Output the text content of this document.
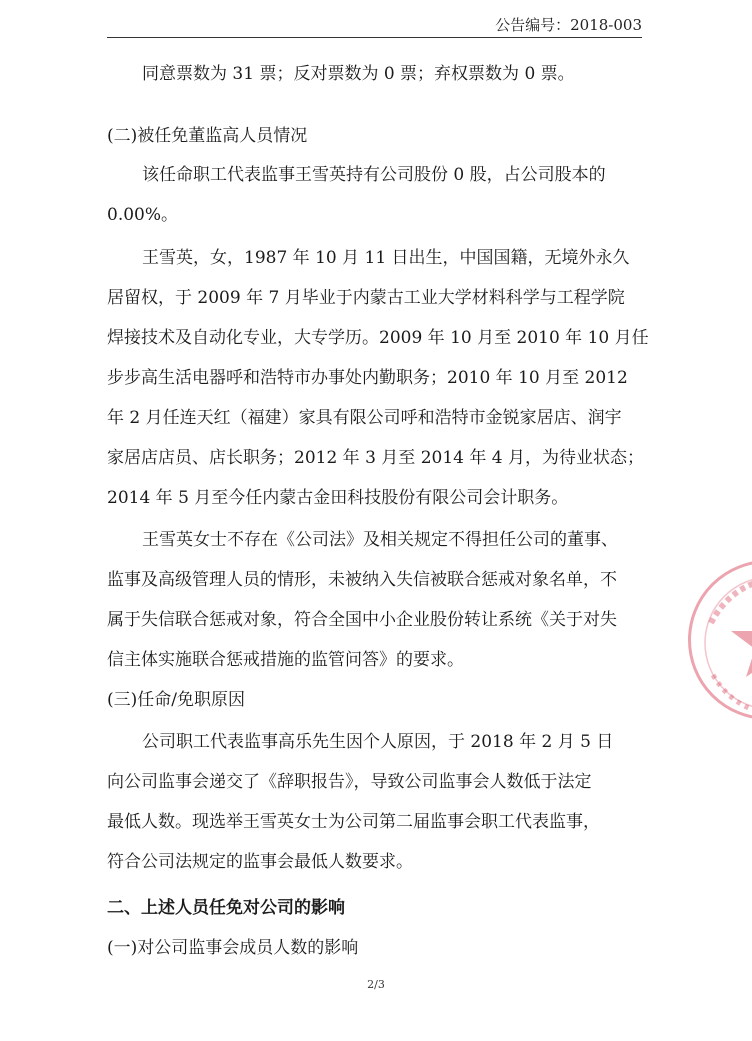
公告编号：2018-003
同意票数为 31 票；反对票数为 0 票；弃权票数为 0 票。
(二)被任免董监高人员情况
该任命职工代表监事王雪英持有公司股份 0 股，占公司股本的
0.00%。
王雪英，女，1987 年 10 月 11 日出生，中国国籍，无境外永久
居留权，于 2009 年 7 月毕业于内蒙古工业大学材料科学与工程学院
焊接技术及自动化专业，大专学历。2009 年 10 月至 2010 年 10 月任
步步高生活电器呼和浩特市办事处内勤职务；2010 年 10 月至 2012
年 2 月任连天红（福建）家具有限公司呼和浩特市金锐家居店、润宇
家居店店员、店长职务；2012 年 3 月至 2014 年 4 月，为待业状态；
2014 年 5 月至今任内蒙古金田科技股份有限公司会计职务。
王雪英女士不存在《公司法》及相关规定不得担任公司的董事、
监事及高级管理人员的情形，未被纳入失信被联合惩戒对象名单，不
属于失信联合惩戒对象，符合全国中小企业股份转让系统《关于对失
信主体实施联合惩戒措施的监管问答》的要求。
(三)任命/免职原因
公司职工代表监事高乐先生因个人原因，于 2018 年 2 月 5 日
向公司监事会递交了《辞职报告》，导致公司监事会人数低于法定
最低人数。现选举王雪英女士为公司第二届监事会职工代表监事，
符合公司法规定的监事会最低人数要求。
二、上述人员任免对公司的影响
(一)对公司监事会成员人数的影响
2/3
